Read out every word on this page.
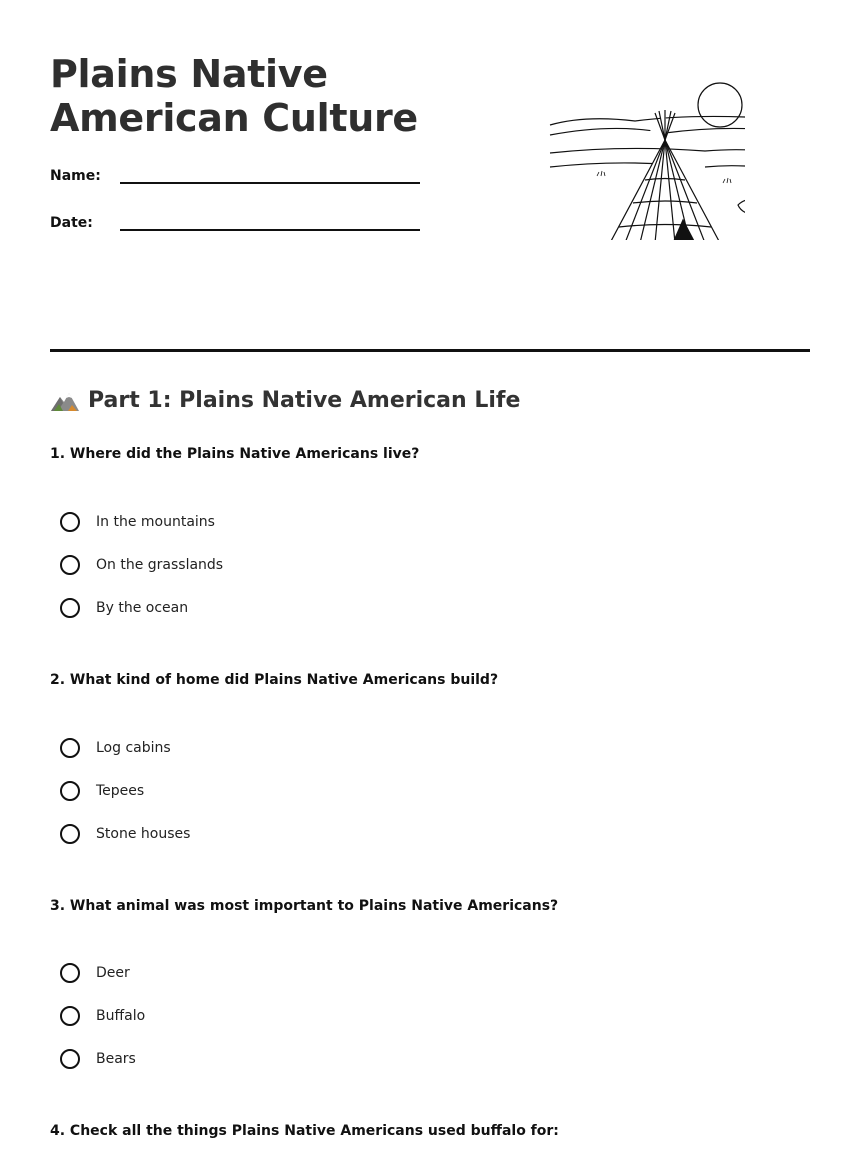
Plains Native American Culture
Name:
Date:
Part 1: Plains Native American Life
1. Where did the Plains Native Americans live?
In the mountains
On the grasslands
By the ocean
2. What kind of home did Plains Native Americans build?
Log cabins
Tepees
Stone houses
3. What animal was most important to Plains Native Americans?
Deer
Buffalo
Bears
4. Check all the things Plains Native Americans used buffalo for:
